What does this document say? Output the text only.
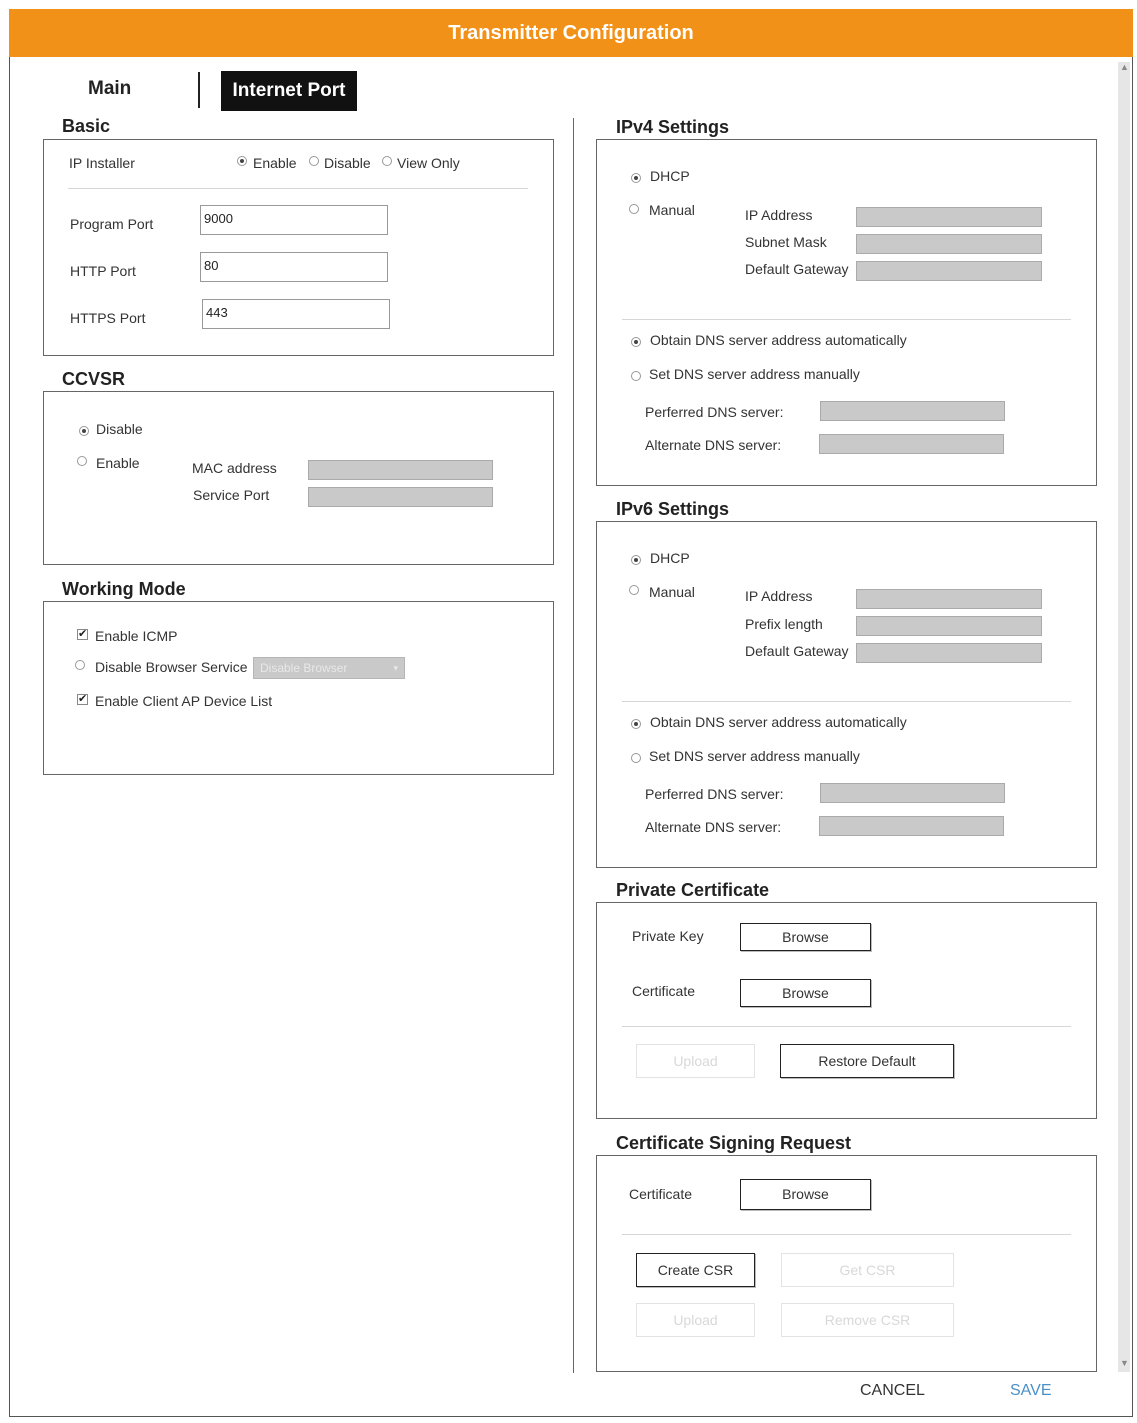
Transmitter Configuration
Main	Internet Port
▲
▼
Basic
IP Installer	Enable Disable View Only
Program Port	9000
HTTP Port	80
HTTPS Port	443
CCVSR
Disable
Enable	MAC address
Service Port
Working Mode
✔ Enable ICMP
Disable Browser Service	Disable Browser	▾
✔ Enable Client AP Device List
IPv4 Settings
DHCP
Manual	IP Address
Subnet Mask
Default Gateway
Obtain DNS server address automatically
Set DNS server address manually
Perferred DNS server:
Alternate DNS server:
IPv6 Settings
DHCP
Manual	IP Address
Prefix length
Default Gateway
Obtain DNS server address automatically
Set DNS server address manually
Perferred DNS server:
Alternate DNS server:
Private Certificate
Private Key	Browse
Certificate	Browse
Upload	Restore Default
Certificate Signing Request
Certificate	Browse
Create CSR	Get CSR
Upload	Remove CSR
CANCEL	SAVE
